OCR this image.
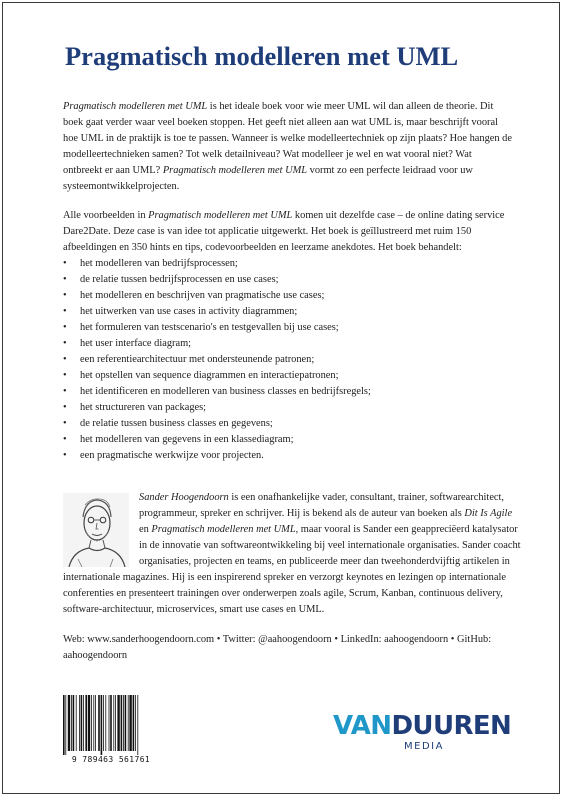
Pragmatisch modelleren met UML
Pragmatisch modelleren met UML is het ideale boek voor wie meer UML wil dan alleen de theorie. Dit boek gaat verder waar veel boeken stoppen. Het geeft niet alleen aan wat UML is, maar beschrijft vooral hoe UML in de praktijk is toe te passen. Wanneer is welke modelleertechniek op zijn plaats? Hoe hangen de modelleertechnieken samen? Tot welk detailniveau? Wat modelleer je wel en wat vooral niet? Wat ontbreekt er aan UML? Pragmatisch modelleren met UML vormt zo een perfecte leidraad voor uw systeemontwikkelprojecten.
Alle voorbeelden in Pragmatisch modelleren met UML komen uit dezelfde case – de online dating service Dare2Date. Deze case is van idee tot applicatie uitgewerkt. Het boek is geïllustreerd met ruim 150 afbeeldingen en 350 hints en tips, codevoorbeelden en leerzame anekdotes. Het boek behandelt:
• het modelleren van bedrijfsprocessen;
• de relatie tussen bedrijfsprocessen en use cases;
• het modelleren en beschrijven van pragmatische use cases;
• het uitwerken van use cases in activity diagrammen;
• het formuleren van testscenario's en testgevallen bij use cases;
• het user interface diagram;
• een referentiearchitectuur met ondersteunende patronen;
• het opstellen van sequence diagrammen en interactiepatronen;
• het identificeren en modelleren van business classes en bedrijfsregels;
• het structureren van packages;
• de relatie tussen business classes en gegevens;
• het modelleren van gegevens in een klassediagram;
• een pragmatische werkwijze voor projecten.
Sander Hoogendoorn is een onafhankelijke vader, consultant, trainer, softwarearchitect, programmeur, spreker en schrijver. Hij is bekend als de auteur van boeken als Dit Is Agile en Pragmatisch modelleren met UML, maar vooral is Sander een geappreciëerd katalysator in de innovatie van softwareontwikkeling bij veel internationale organisaties. Sander coacht organisaties, projecten en teams, en publiceerde meer dan tweehonderdvijftig artikelen in internationale magazines. Hij is een inspirerend spreker en verzorgt keynotes en lezingen op internationale conferenties en presenteert trainingen over onderwerpen zoals agile, Scrum, Kanban, continuous delivery, software-architectuur, microservices, smart use cases en UML.
Web: www.sanderhoogendoorn.com • Twitter: @aahoogendoorn • LinkedIn: aahoogendoorn • GitHub: aahoogendoorn
9 789463 561761
VANDUUREN
MEDIA
